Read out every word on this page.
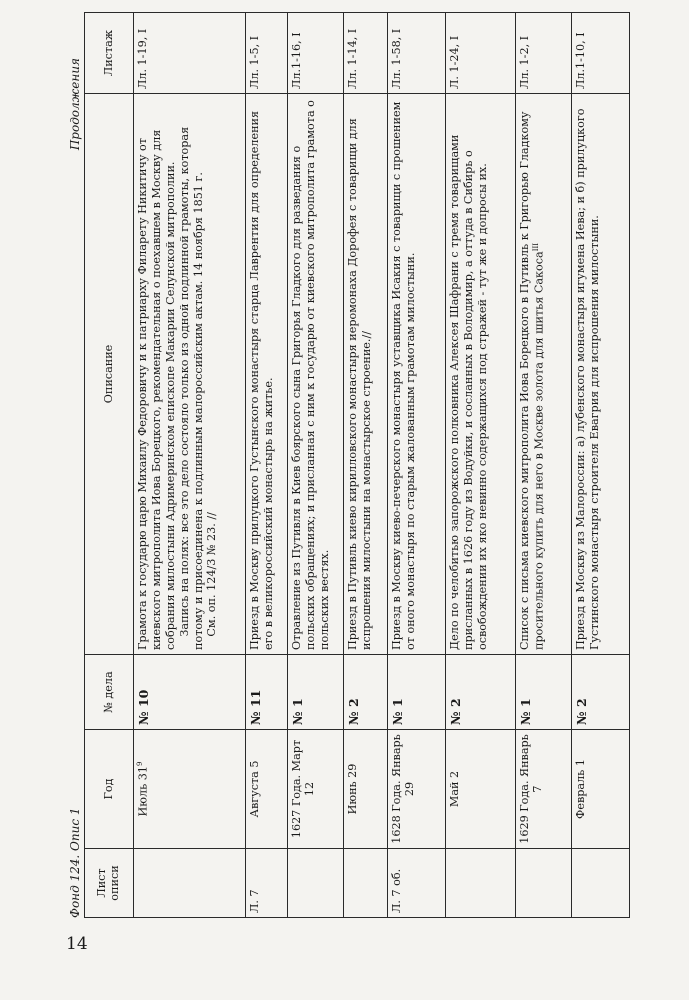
14
Фонд 124. Опис 1
Продолжения
Лист описи	Год	№ дела	Описание	Листаж
	Июль $31^9$	№ 10	Грамота к государю царю Михаилу Федоровичу и к патриарху Филарету Никитичу от киевского митрополита Иова Борецкого, рекомендательная о поехавшем в Москву для собрания милостыни Адримеринском епископе Макарии Селунской митрополии. Запись на полях: все это дело состояло только из одной подлинной грамоты, которая потому и присоединена к подлинным малороссийским актам. 14 ноября 1851 г. См. оп. 124/3 № 23. //	Лл. 1-19, I
Л. 7	Августа 5	№ 11	Приезд в Москву прилуцкого Густынского монастыря старца Лаврентия для определения его в великороссийский монастырь на житье.	Лл. 1-5, I
	1627 Года. Март 12	№ 1	Отравление из Путивля в Киев боярского сына Григорья Гладкого для разведания о польских обращениях; и присланная с ним к государю от киевского митрополита грамота о польских вестях.	Лл.1-16, I
	Июнь 29	№ 2	Приезд в Путивль киево кирилловского монастыря иеромонаха Дорофея с товарищи для испрошения милостыни на монастырское строение.//	Лл. 1-14, I
Л. 7 об.	1628 Года. Январь 29	№ 1	Приезд в Москву киево-печерского монастыря уставщика Исакия с товарищи с прошением от оного монастыря по старым жалованным грамотам милостыни.	Лл. 1-58, I
	Май 2	№ 2	Дело по челобитью запорожского полковника Алексея Шафрани с тремя товарищами присланных в 1626 году из Водуйки, и сосланных в Володимир, а оттуда в Сибирь о освобождении их яко невинно содержащихся под стражей - тут же и допросы их.	Л. 1-24, I
	1629 Года. Январь 7	№ 1	Список с письма киевского митрополита Иова Борецкого в Путивль к Григорью Гладкому просительного купить для него в Москве золота для шитья Сакоса$^{III}$	Лл. 1-2, I
	Февраль 1	№ 2	Приезд в Москву из Малороссии: а) лубенского монастыря игумена Иева; и б) прилуцкого Густинского монастыря строителя Евагрия для испрошения милостыни.	Лл.1-10, I
